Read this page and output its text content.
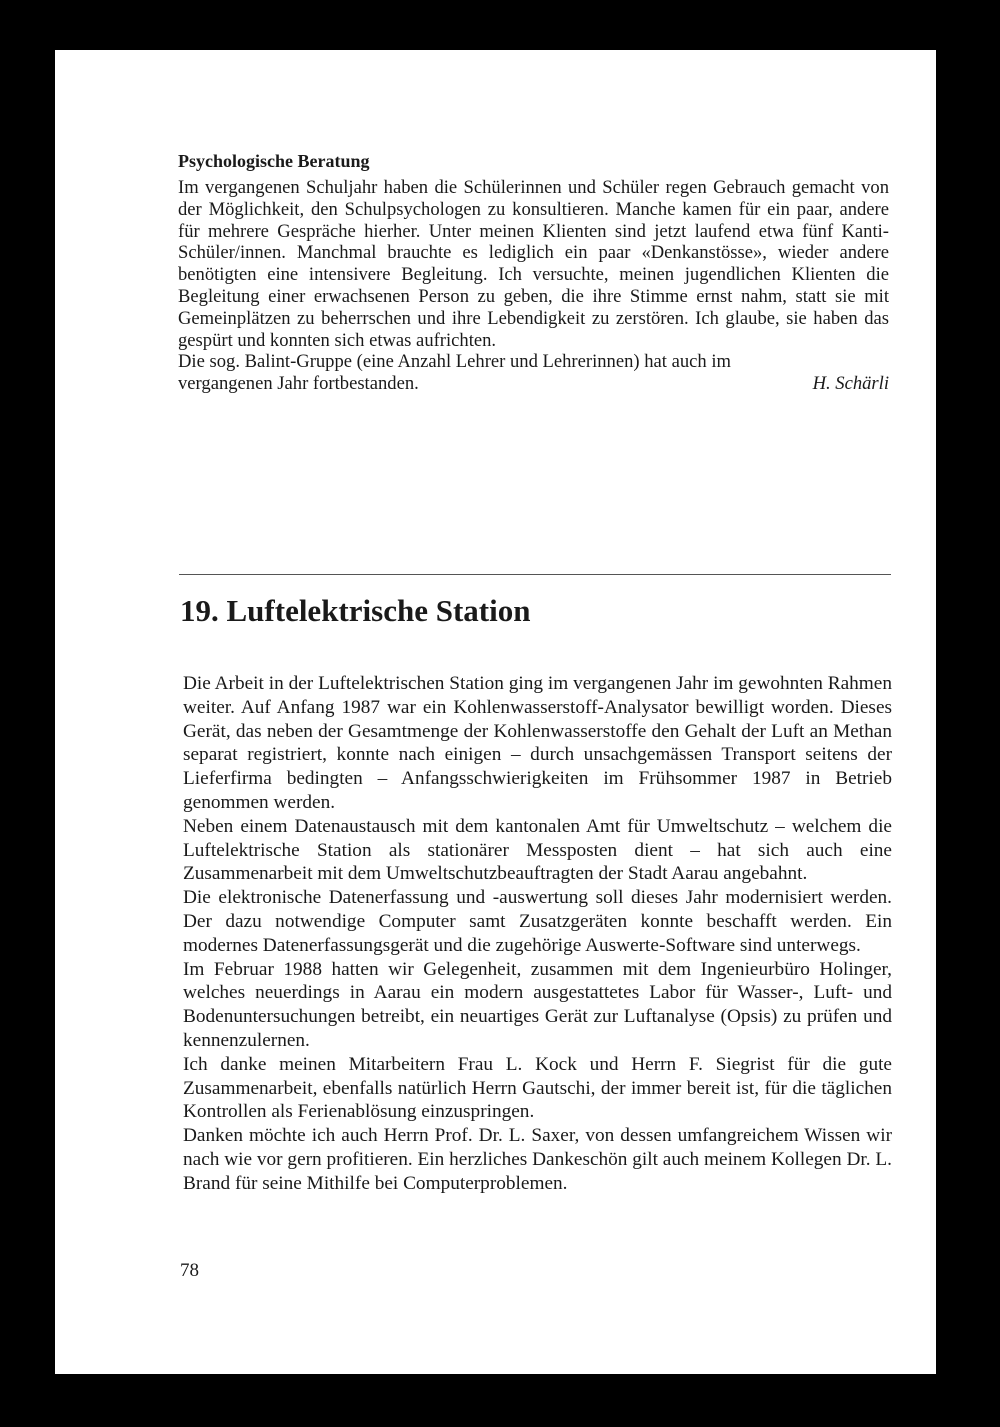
Psychologische Beratung

Im vergangenen Schuljahr haben die Schülerinnen und Schüler regen Gebrauch gemacht von der Möglichkeit, den Schulpsychologen zu konsultieren. Manche kamen für ein paar, andere für mehrere Gespräche hierher. Unter meinen Klienten sind jetzt laufend etwa fünf Kanti-Schüler/innen. Manchmal brauchte es lediglich ein paar «Denkanstösse», wieder andere benötigten eine intensivere Begleitung. Ich versuchte, meinen jugendlichen Klienten die Begleitung einer erwachsenen Person zu geben, die ihre Stimme ernst nahm, statt sie mit Gemeinplätzen zu beherrschen und ihre Lebendigkeit zu zerstören. Ich glaube, sie haben das gespürt und konnten sich etwas aufrichten.

Die sog. Balint-Gruppe (eine Anzahl Lehrer und Lehrerinnen) hat auch im

vergangenen Jahr fortbestanden.	H. Schärli
19. Luftelektrische Station

Die Arbeit in der Luftelektrischen Station ging im vergangenen Jahr im gewohnten Rahmen weiter. Auf Anfang 1987 war ein Kohlenwasserstoff-Analysator bewilligt worden. Dieses Gerät, das neben der Gesamtmenge der Kohlenwasserstoffe den Gehalt der Luft an Methan separat registriert, konnte nach einigen – durch unsachgemässen Transport seitens der Lieferfirma bedingten – Anfangsschwierigkeiten im Frühsommer 1987 in Betrieb genommen werden.

Neben einem Datenaustausch mit dem kantonalen Amt für Umweltschutz – welchem die Luftelektrische Station als stationärer Messposten dient – hat sich auch eine Zusammenarbeit mit dem Umweltschutzbeauftragten der Stadt Aarau angebahnt.

Die elektronische Datenerfassung und -auswertung soll dieses Jahr modernisiert werden. Der dazu notwendige Computer samt Zusatzgeräten konnte beschafft werden. Ein modernes Datenerfassungsgerät und die zugehörige Auswerte-Software sind unterwegs.

Im Februar 1988 hatten wir Gelegenheit, zusammen mit dem Ingenieurbüro Holinger, welches neuerdings in Aarau ein modern ausgestattetes Labor für Wasser-, Luft- und Bodenuntersuchungen betreibt, ein neuartiges Gerät zur Luftanalyse (Opsis) zu prüfen und kennenzulernen.

Ich danke meinen Mitarbeitern Frau L. Kock und Herrn F. Siegrist für die gute Zusammenarbeit, ebenfalls natürlich Herrn Gautschi, der immer bereit ist, für die täglichen Kontrollen als Ferienablösung einzuspringen.

Danken möchte ich auch Herrn Prof. Dr. L. Saxer, von dessen umfangreichem Wissen wir nach wie vor gern profitieren. Ein herzliches Dankeschön gilt auch meinem Kollegen Dr. L. Brand für seine Mithilfe bei Computerproblemen.

78
